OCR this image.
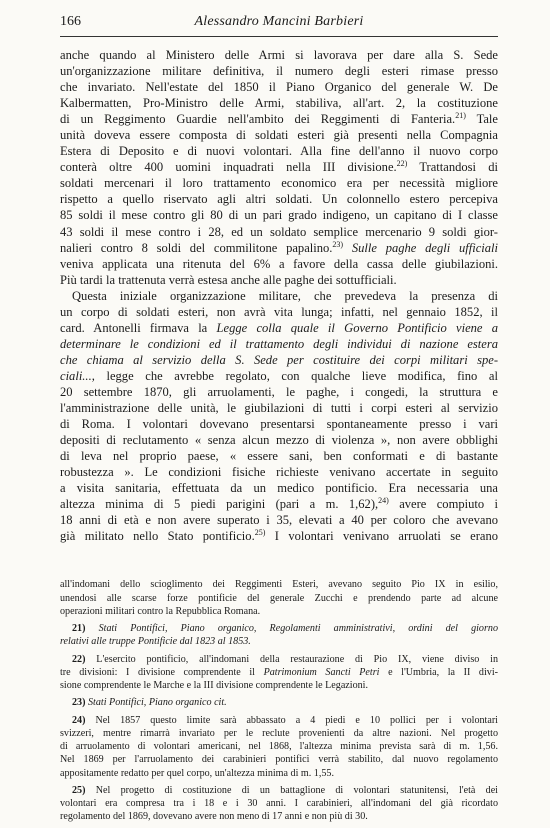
166	Alessandro Mancini Barbieri

anche quando al Ministero delle Armi si lavorava per dare alla S. Sede
un'organizzazione militare definitiva, il numero degli esteri rimase presso
che invariato. Nell'estate del 1850 il Piano Organico del generale W. De
Kalbermatten, Pro-Ministro delle Armi, stabiliva, all'art. 2, la costituzione
di un Reggimento Guardie nell'ambito dei Reggimenti di Fanteria.$^{21)}$ Tale
unità doveva essere composta di soldati esteri già presenti nella Compagnia
Estera di Deposito e di nuovi volontari. Alla fine dell'anno il nuovo corpo
conterà oltre 400 uomini inquadrati nella III divisione.$^{22)}$ Trattandosi di
soldati mercenari il loro trattamento economico era per necessità migliore
rispetto a quello riservato agli altri soldati. Un colonnello estero percepiva
85 soldi il mese contro gli 80 di un pari grado indigeno, un capitano di I classe
43 soldi il mese contro i 28, ed un soldato semplice mercenario 9 soldi gior-
nalieri contro 8 soldi del commilitone papalino.$^{23)}$ Sulle paghe degli ufficiali
veniva applicata una ritenuta del 6% a favore della cassa delle giubilazioni.
Più tardi la trattenuta verrà estesa anche alle paghe dei sottufficiali.

Questa iniziale organizzazione militare, che prevedeva la presenza di
un corpo di soldati esteri, non avrà vita lunga; infatti, nel gennaio 1852, il
card. Antonelli firmava la Legge colla quale il Governo Pontificio viene a
determinare le condizioni ed il trattamento degli individui di nazione estera
che chiama al servizio della S. Sede per costituire dei corpi militari spe-
ciali..., legge che avrebbe regolato, con qualche lieve modifica, fino al
20 settembre 1870, gli arruolamenti, le paghe, i congedi, la struttura e
l'amministrazione delle unità, le giubilazioni di tutti i corpi esteri al servizio
di Roma. I volontari dovevano presentarsi spontaneamente presso i vari
depositi di reclutamento « senza alcun mezzo di violenza », non avere obblighi
di leva nel proprio paese, « essere sani, ben conformati e di bastante
robustezza ». Le condizioni fisiche richieste venivano accertate in seguito
a visita sanitaria, effettuata da un medico pontificio. Era necessaria una
altezza minima di 5 piedi parigini (pari a m. 1,62),$^{24)}$ avere compiuto i
18 anni di età e non avere superato i 35, elevati a 40 per coloro che avevano
già militato nello Stato pontificio.$^{25)}$ I volontari venivano arruolati se erano

all'indomani dello scioglimento dei Reggimenti Esteri, avevano seguito Pio IX in esilio,
unendosi alle scarse forze pontificie del generale Zucchi e prendendo parte ad alcune
operazioni militari contro la Repubblica Romana.

21) Stati Pontifici, Piano organico, Regolamenti amministrativi, ordini del giorno
relativi alle truppe Pontificie dal 1823 al 1853.

22) L'esercito pontificio, all'indomani della restaurazione di Pio IX, viene diviso in
tre divisioni: I divisione comprendente il Patrimonium Sancti Petri e l'Umbria, la II divi-
sione comprendente le Marche e la III divisione comprendente le Legazioni.

23) Stati Pontifici, Piano organico cit.

24) Nel 1857 questo limite sarà abbassato a 4 piedi e 10 pollici per i volontari
svizzeri, mentre rimarrà invariato per le reclute provenienti da altre nazioni. Nel progetto
di arruolamento di volontari americani, nel 1868, l'altezza minima prevista sarà di m. 1,56.
Nel 1869 per l'arruolamento dei carabinieri pontifici verrà stabilito, dal nuovo regolamento
appositamente redatto per quel corpo, un'altezza minima di m. 1,55.

25) Nel progetto di costituzione di un battaglione di volontari statunitensi, l'età dei
volontari era compresa tra i 18 e i 30 anni. I carabinieri, all'indomani del già ricordato
regolamento del 1869, dovevano avere non meno di 17 anni e non più di 30.
